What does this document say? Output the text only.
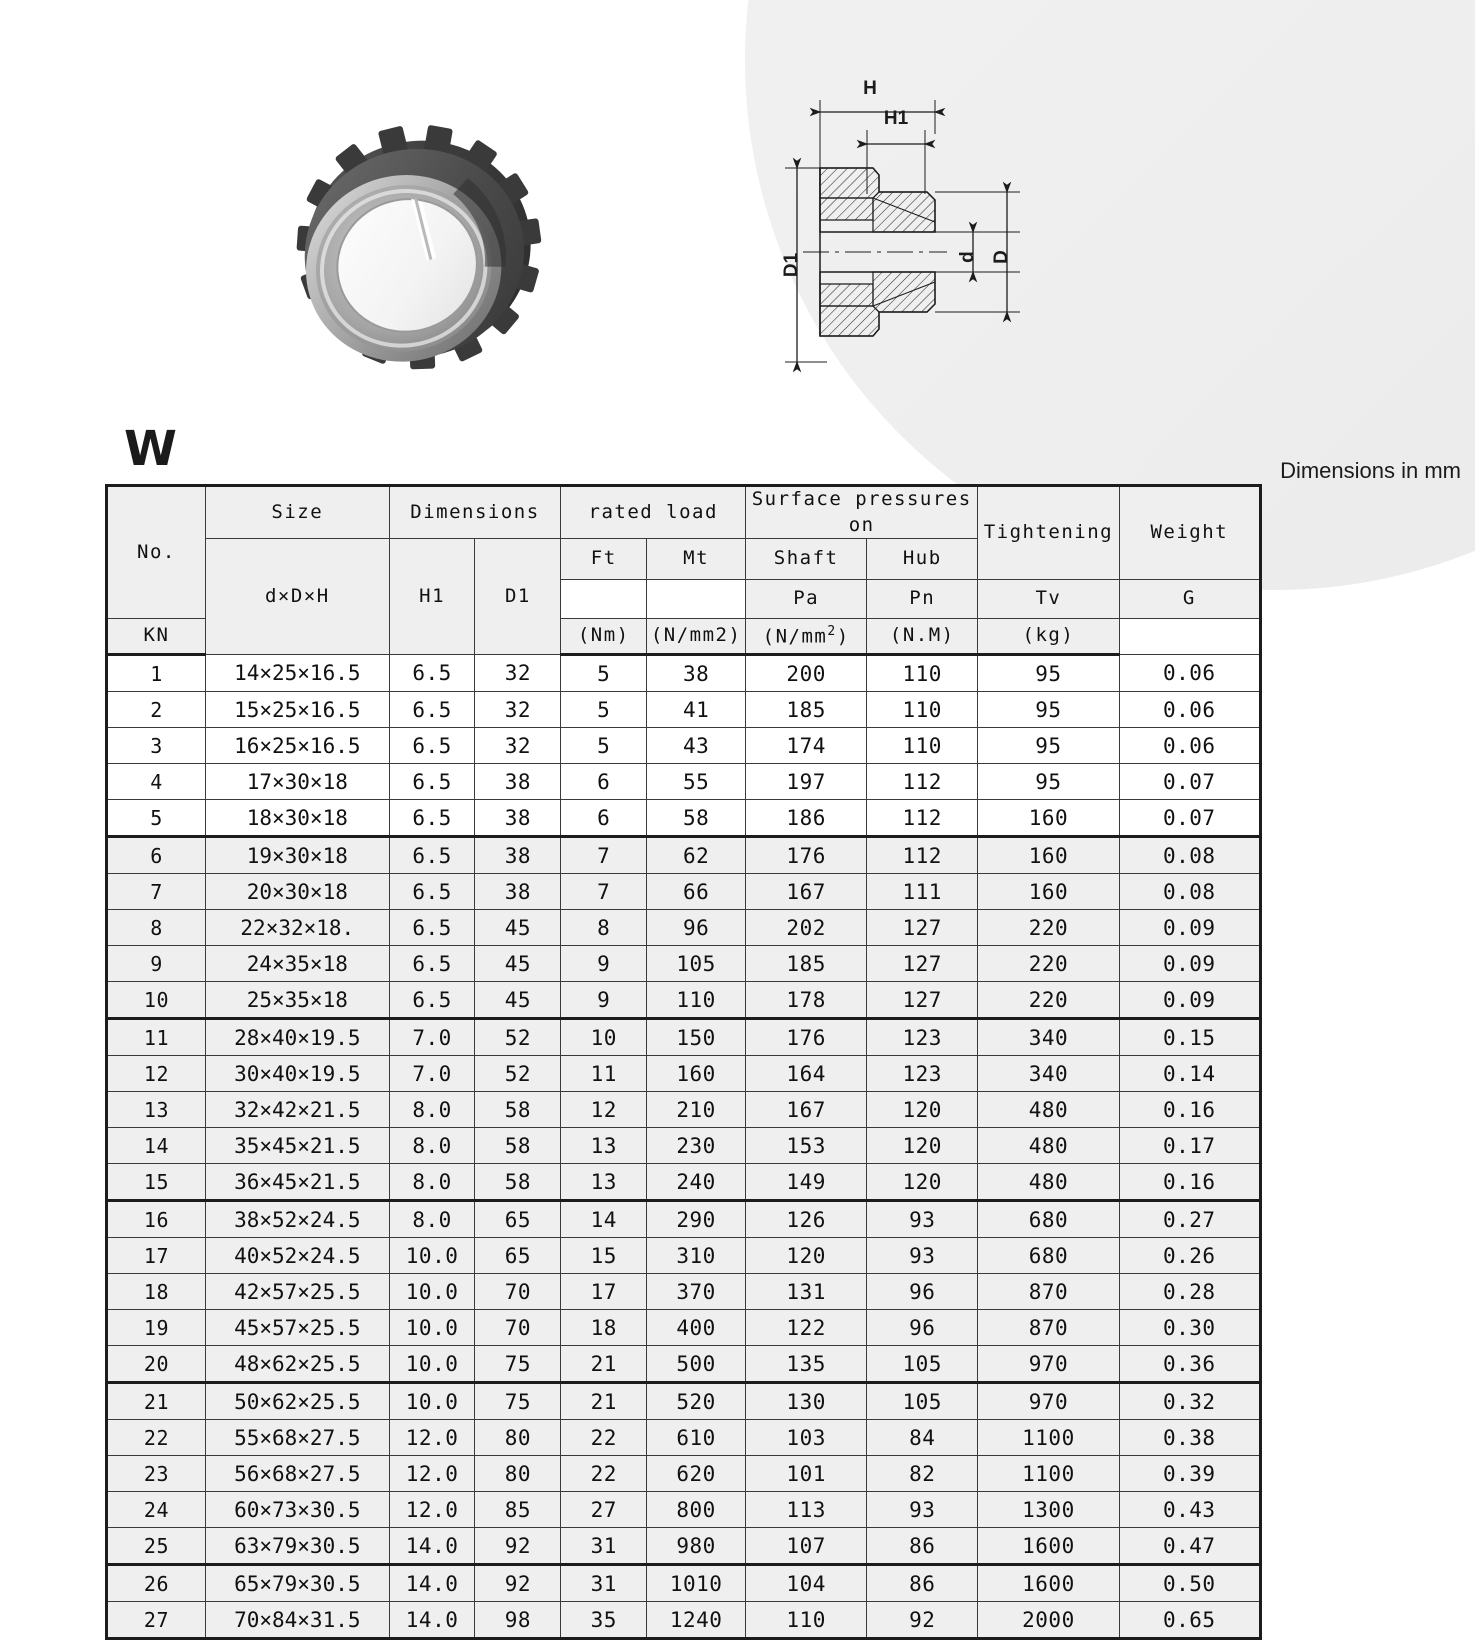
H
H1
D1	d D
W	Dimensions in mm
No.	Size	Dimensions		rated load		Surface pressures on		Tightening	Weight
	d×D×H	H1	D1	Ft	Mt	Shaft	Hub		
						Pa	Pn	Tv	G
KN				(Nm)	(N/mm2)	$(N/mm^2)$	(N.M)	(kg)	
1	14×25×16.5	6.5	32	5	38	200	110	95	0.06
2	15×25×16.5	6.5	32	5	41	185	110	95	0.06
3	16×25×16.5	6.5	32	5	43	174	110	95	0.06
4	17×30×18	6.5	38	6	55	197	112	95	0.07
5	18×30×18	6.5	38	6	58	186	112	160	0.07
6	19×30×18	6.5	38	7	62	176	112	160	0.08
7	20×30×18	6.5	38	7	66	167	111	160	0.08
8	22×32×18.	6.5	45	8	96	202	127	220	0.09
9	24×35×18	6.5	45	9	105	185	127	220	0.09
10	25×35×18	6.5	45	9	110	178	127	220	0.09
11	28×40×19.5	7.0	52	10	150	176	123	340	0.15
12	30×40×19.5	7.0	52	11	160	164	123	340	0.14
13	32×42×21.5	8.0	58	12	210	167	120	480	0.16
14	35×45×21.5	8.0	58	13	230	153	120	480	0.17
15	36×45×21.5	8.0	58	13	240	149	120	480	0.16
16	38×52×24.5	8.0	65	14	290	126	93	680	0.27
17	40×52×24.5	10.0	65	15	310	120	93	680	0.26
18	42×57×25.5	10.0	70	17	370	131	96	870	0.28
19	45×57×25.5	10.0	70	18	400	122	96	870	0.30
20	48×62×25.5	10.0	75	21	500	135	105	970	0.36
21	50×62×25.5	10.0	75	21	520	130	105	970	0.32
22	55×68×27.5	12.0	80	22	610	103	84	1100	0.38
23	56×68×27.5	12.0	80	22	620	101	82	1100	0.39
24	60×73×30.5	12.0	85	27	800	113	93	1300	0.43
25	63×79×30.5	14.0	92	31	980	107	86	1600	0.47
26	65×79×30.5	14.0	92	31	1010	104	86	1600	0.50
27	70×84×31.5	14.0	98	35	1240	110	92	2000	0.65
